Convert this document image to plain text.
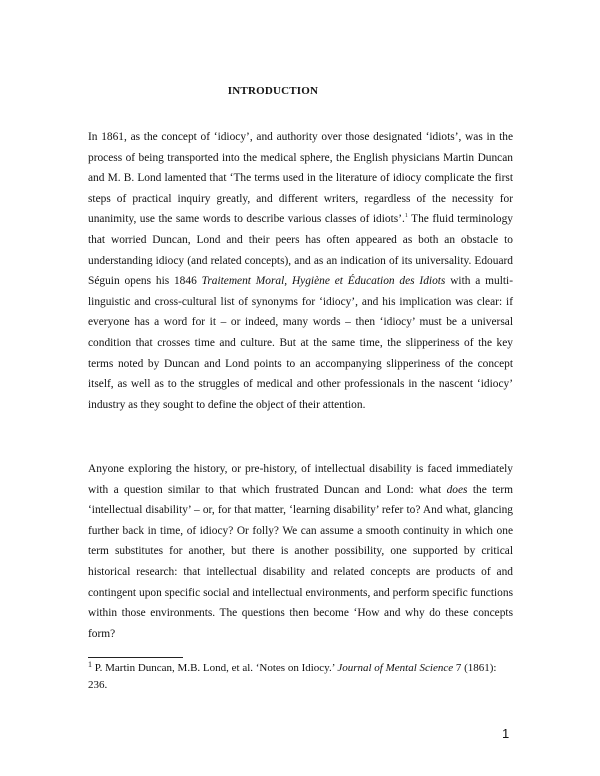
INTRODUCTION

In 1861, as the concept of ‘idiocy’, and authority over those designated ‘idiots’, was in the process of being transported into the medical sphere, the English physicians Martin Duncan and M. B. Lond lamented that ‘The terms used in the literature of idiocy complicate the first steps of practical inquiry greatly, and different writers, regardless of the necessity for unanimity, use the same words to describe various classes of idiots’.$^1$ The fluid terminology that worried Duncan, Lond and their peers has often appeared as both an obstacle to understanding idiocy (and related concepts), and as an indication of its universality. Edouard Séguin opens his 1846 Traitement Moral, Hygiène et Éducation des Idiots with a multi-linguistic and cross-cultural list of synonyms for ‘idiocy’, and his implication was clear: if everyone has a word for it – or indeed, many words – then ‘idiocy’ must be a universal condition that crosses time and culture. But at the same time, the slipperiness of the key terms noted by Duncan and Lond points to an accompanying slipperiness of the concept itself, as well as to the struggles of medical and other professionals in the nascent ‘idiocy’ industry as they sought to define the object of their attention.

Anyone exploring the history, or pre-history, of intellectual disability is faced immediately with a question similar to that which frustrated Duncan and Lond: what does the term ‘intellectual disability’ – or, for that matter, ‘learning disability’ refer to? And what, glancing further back in time, of idiocy? Or folly? We can assume a smooth continuity in which one term substitutes for another, but there is another possibility, one supported by critical historical research: that intellectual disability and related concepts are products of and contingent upon specific social and intellectual environments, and perform specific functions within those environments. The questions then become ‘How and why do these concepts form?

$^1$ P. Martin Duncan, M.B. Lond, et al. ‘Notes on Idiocy.’ Journal of Mental Science 7 (1861): 236.

1
